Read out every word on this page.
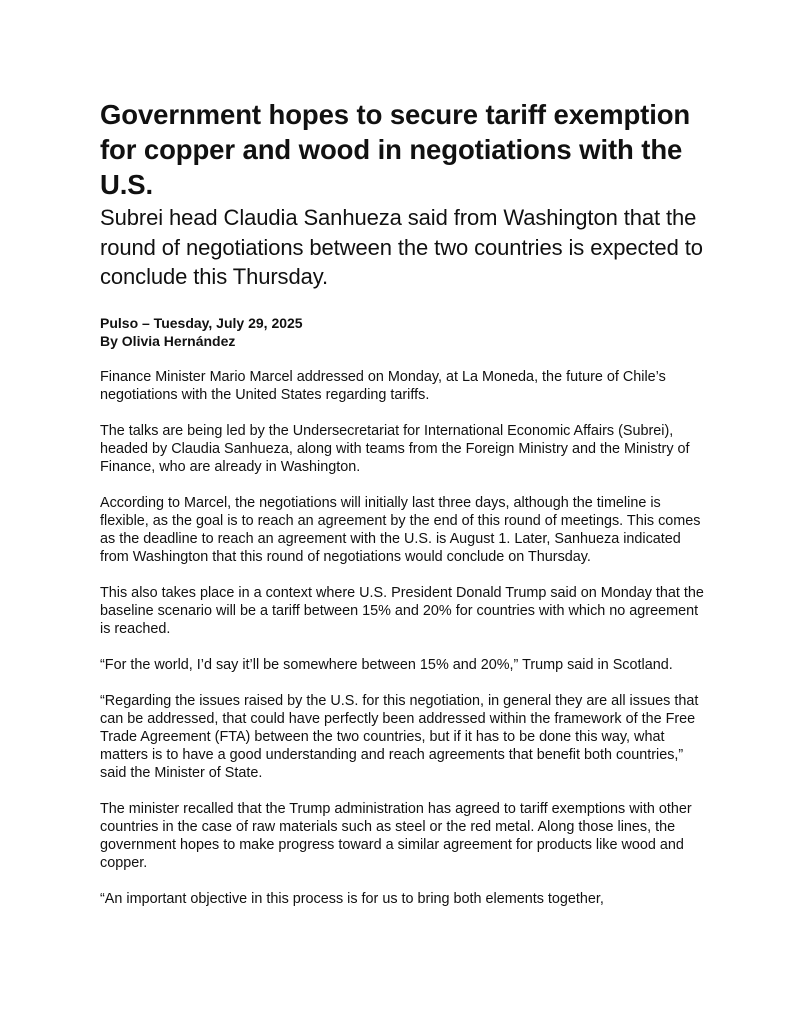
Government hopes to secure tariff exemption for copper and wood in negotiations with the U.S.
Subrei head Claudia Sanhueza said from Washington that the round of negotiations between the two countries is expected to conclude this Thursday.
Pulso – Tuesday, July 29, 2025
By Olivia Hernández

Finance Minister Mario Marcel addressed on Monday, at La Moneda, the future of Chile’s negotiations with the United States regarding tariffs.

The talks are being led by the Undersecretariat for International Economic Affairs (Subrei), headed by Claudia Sanhueza, along with teams from the Foreign Ministry and the Ministry of Finance, who are already in Washington.

According to Marcel, the negotiations will initially last three days, although the timeline is flexible, as the goal is to reach an agreement by the end of this round of meetings. This comes as the deadline to reach an agreement with the U.S. is August 1. Later, Sanhueza indicated from Washington that this round of negotiations would conclude on Thursday.

This also takes place in a context where U.S. President Donald Trump said on Monday that the baseline scenario will be a tariff between 15% and 20% for countries with which no agreement is reached.

“For the world, I’d say it’ll be somewhere between 15% and 20%,” Trump said in Scotland.

“Regarding the issues raised by the U.S. for this negotiation, in general they are all issues that can be addressed, that could have perfectly been addressed within the framework of the Free Trade Agreement (FTA) between the two countries, but if it has to be done this way, what matters is to have a good understanding and reach agreements that benefit both countries,” said the Minister of State.

The minister recalled that the Trump administration has agreed to tariff exemptions with other countries in the case of raw materials such as steel or the red metal. Along those lines, the government hopes to make progress toward a similar agreement for products like wood and copper.

“An important objective in this process is for us to bring both elements together,
